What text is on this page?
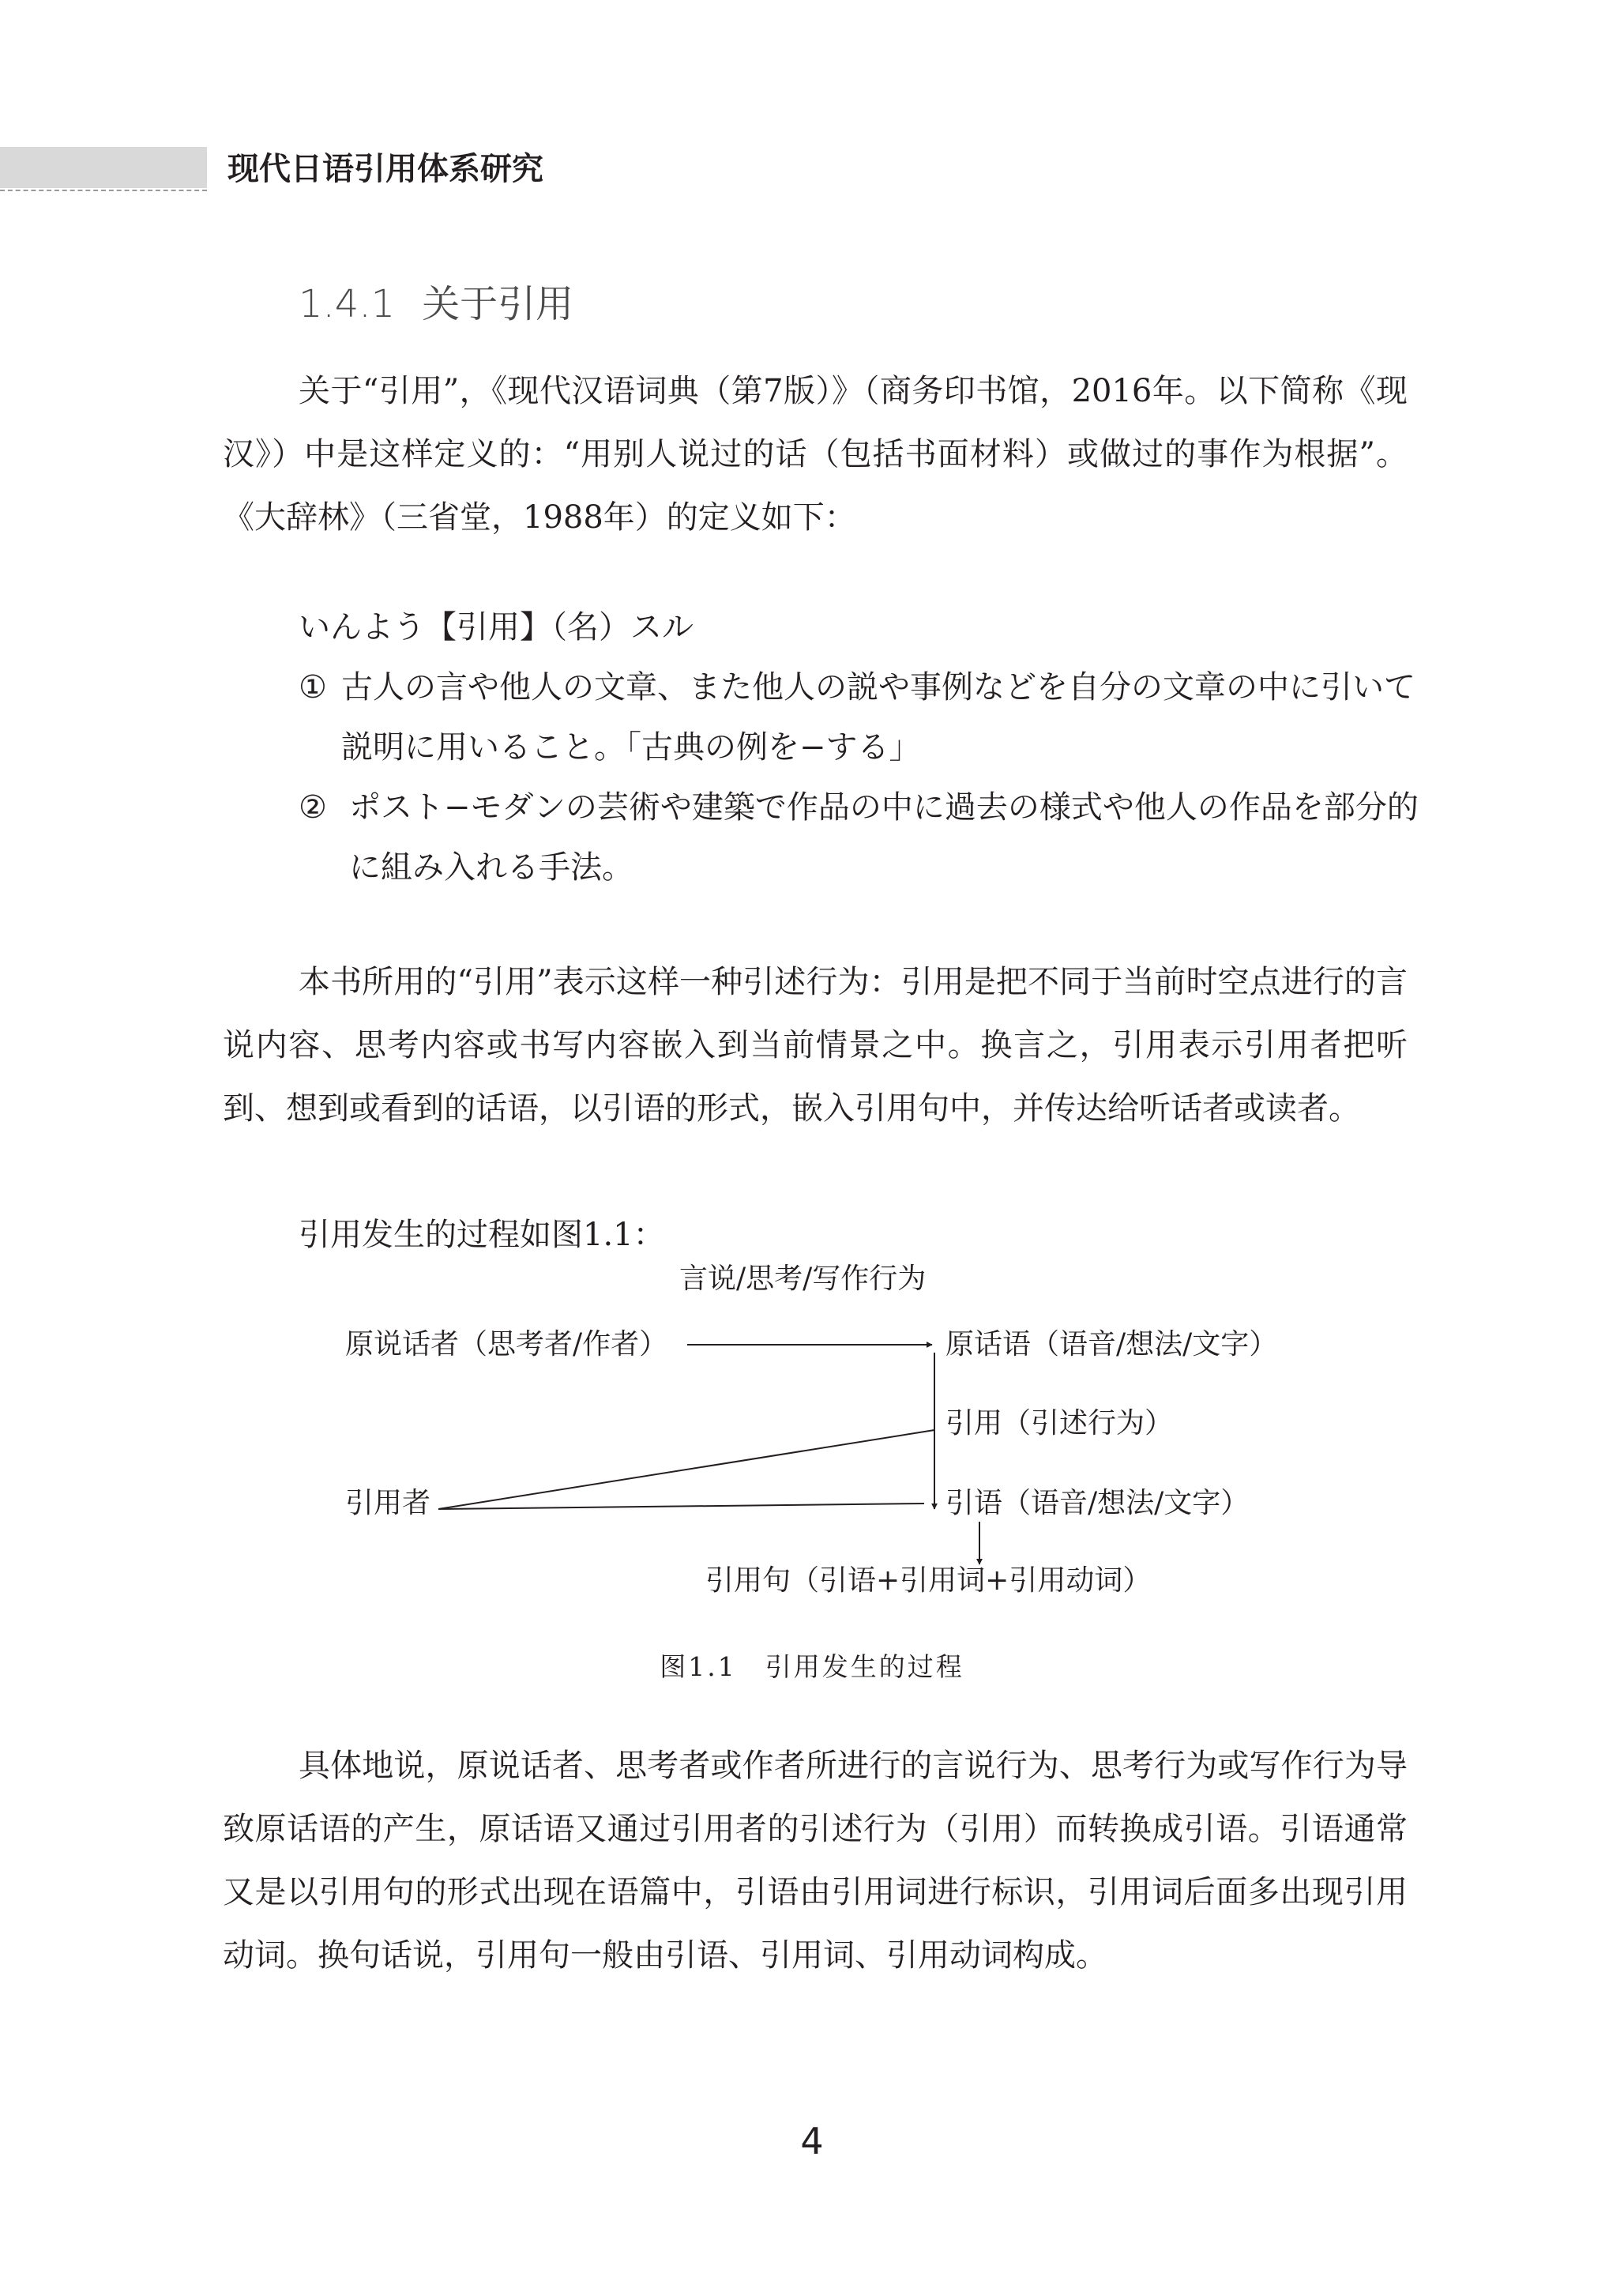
现代日语引用体系研究
1.4.1 关于引用

关于“引用”，《现代汉语词典（第7版）》（商务印书馆，2016年。以下简称《现汉》）中是这样定义的：“用别人说过的话（包括书面材料）或做过的事作为根据”。《大辞林》（三省堂，1988年）的定义如下：

いんよう【引用】（名）スル
① 古人の言や他人の文章、また他人の説や事例などを自分の文章の中に引いて説明に用いること。「古典の例を−する」
② ポスト−モダンの芸術や建築で作品の中に過去の様式や他人の作品を部分的に組み入れる手法。

本书所用的“引用”表示这样一种引述行为：引用是把不同于当前时空点进行的言说内容、思考内容或书写内容嵌入到当前情景之中。换言之，引用表示引用者把听到、想到或看到的话语，以引语的形式，嵌入引用句中，并传达给听话者或读者。

引用发生的过程如图1.1：

言说/思考/写作行为
原说话者（思考者/作者）	原话语（语音/想法/文字）
引用（引述行为）
引用者	引语（语音/想法/文字）
引用句（引语+引用词+引用动词）
图1.1　引用发生的过程

具体地说，原说话者、思考者或作者所进行的言说行为、思考行为或写作行为导致原话语的产生，原话语又通过引用者的引述行为（引用）而转换成引语。引语通常又是以引用句的形式出现在语篇中，引语由引用词进行标识，引用词后面多出现引用动词。换句话说，引用句一般由引语、引用词、引用动词构成。

4
